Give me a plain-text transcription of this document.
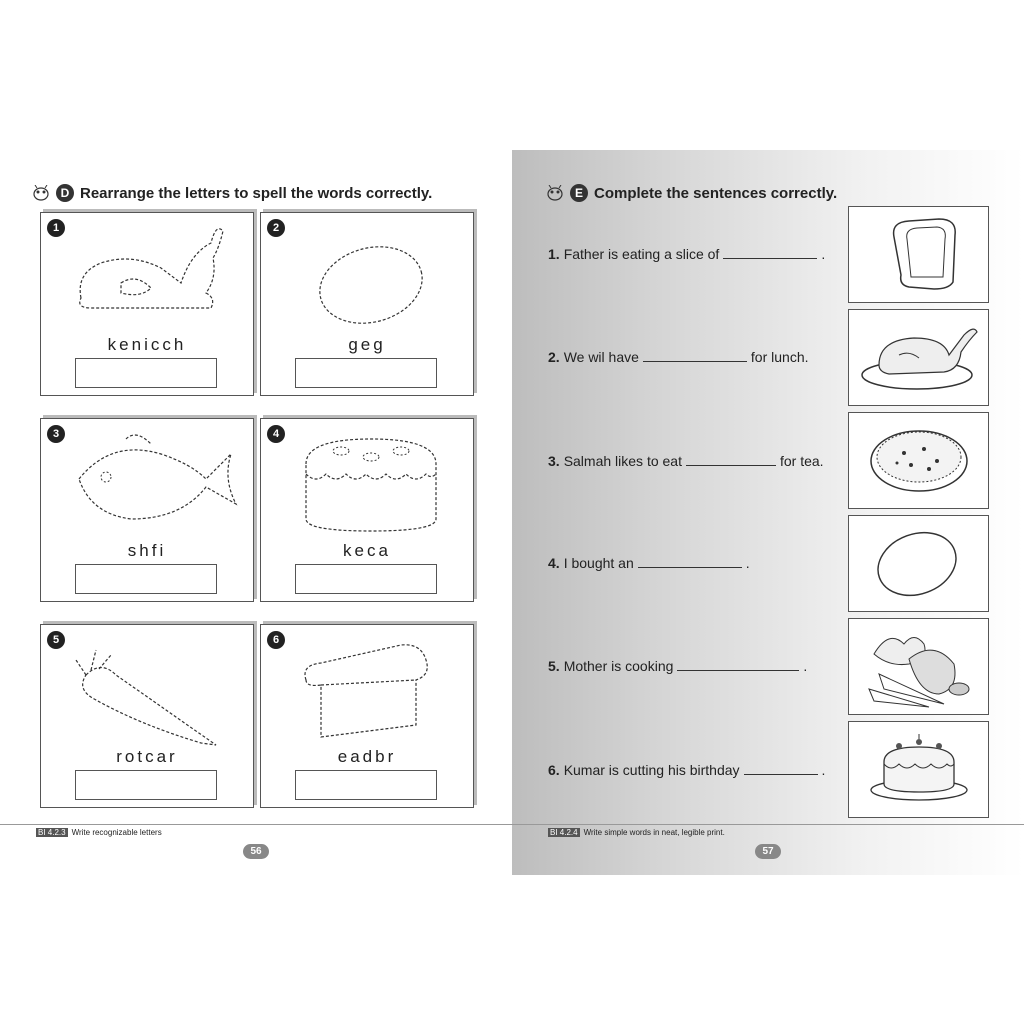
D Rearrange the letters to spell the words correctly.
1
kenicch
2
geg
3
shfi
4
keca
5
rotcar
6
eadbr
E Complete the sentences correctly.
1. Father is eating a slice of	.
2. We wil have	for lunch.
3. Salmah likes to eat	for tea.
4. I bought an	.
5. Mother is cooking	.
6. Kumar is cutting his birthday	.
BI 4.2.3 Write recognizable letters	BI 4.2.4 Write simple words in neat, legible print.
56	57
